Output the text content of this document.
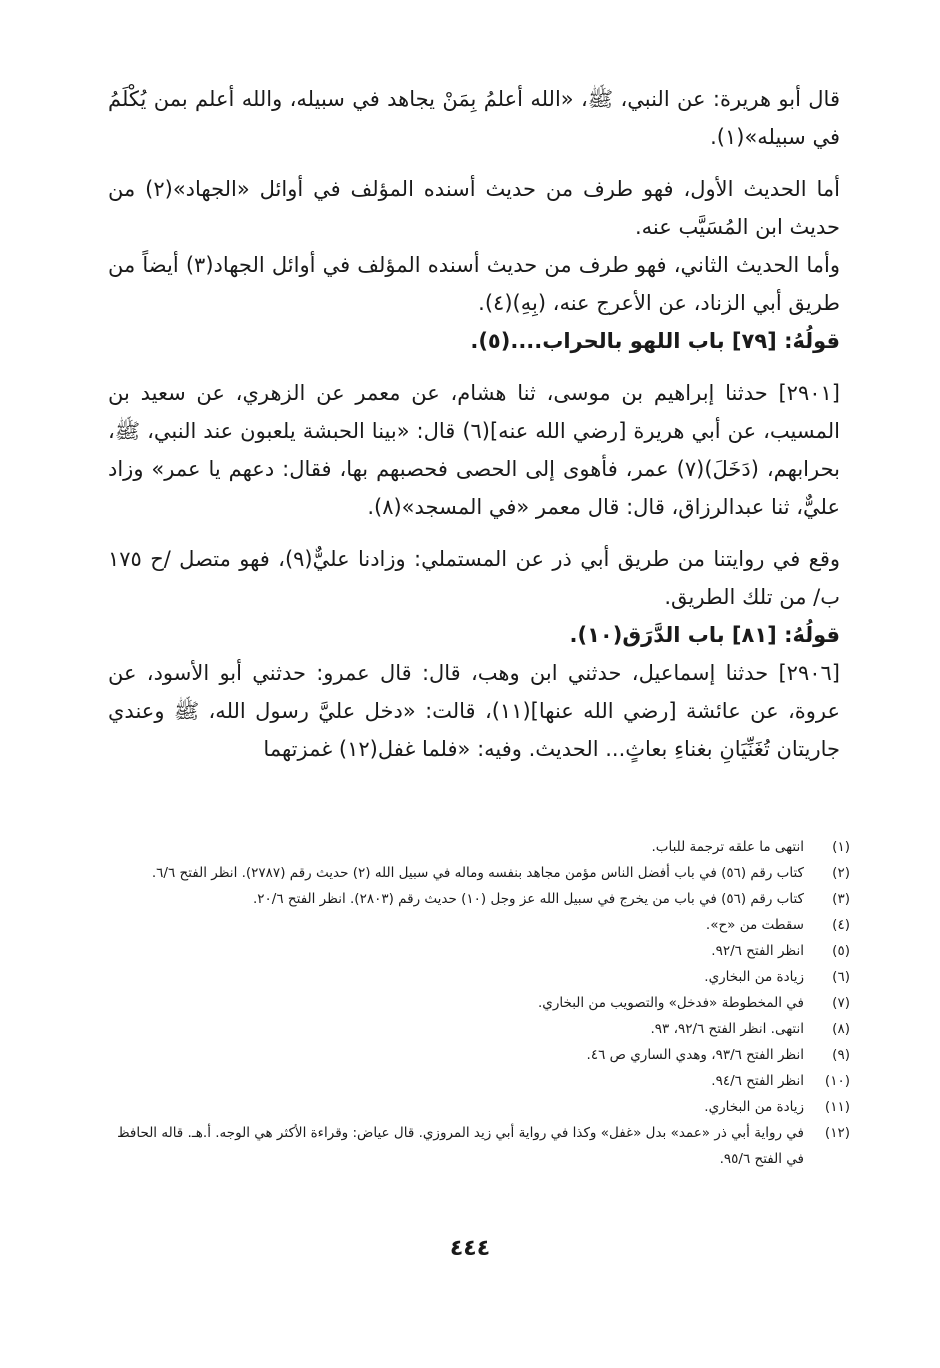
قال أبو هريرة: عن النبي، ﷺ، «الله أعلمُ بِمَنْ يجاهد في سبيله، والله أعلم بمن يُكْلَمُ في سبيله»(١).

أما الحديث الأول، فهو طرف من حديث أسنده المؤلف في أوائل «الجهاد»(٢) من حديث ابن المُسَيَّب عنه.

وأما الحديث الثاني، فهو طرف من حديث أسنده المؤلف في أوائل الجهاد(٣) أيضاً من طريق أبي الزناد، عن الأعرج عنه، (بِهِ)(٤).

قولُهُ: [٧٩] باب اللهو بالحراب....(٥).

[٢٩٠١] حدثنا إبراهيم بن موسى، ثنا هشام، عن معمر عن الزهري، عن سعيد بن المسيب، عن أبي هريرة [رضي الله عنه](٦) قال: «بينا الحبشة يلعبون عند النبي، ﷺ، بحرابهم، (دَخَلَ)(٧) عمر، فأهوى إلى الحصى فحصبهم بها، فقال: دعهم يا عمر» وزاد عليٌّ، ثنا عبدالرزاق، قال: قال معمر «في المسجد»(٨).

وقع في روايتنا من طريق أبي ذر عن المستملي: وزادنا عليٌّ(٩)، فهو متصل /ح ١٧٥ ب/ من تلك الطريق.

قولُهُ: [٨١] باب الدَّرَق(١٠).

[٢٩٠٦] حدثنا إسماعيل، حدثني ابن وهب، قال: قال عمرو: حدثني أبو الأسود، عن عروة، عن عائشة [رضي الله عنها](١١)، قالت: «دخل عليَّ رسول الله، ﷺ وعندي جاريتان تُغَنِّيَانِ بغناءِ بعاثٍ... الحديث. وفيه: «فلما غفل(١٢) غمزتهما

(١)
انتهى ما علقه ترجمة للباب.
(٢)
كتاب رقم (٥٦) في باب أفضل الناس مؤمن مجاهد بنفسه وماله في سبيل الله (٢) حديث رقم (٢٧٨٧). انظر الفتح ٦/٦.
(٣)
كتاب رقم (٥٦) في باب من يخرج في سبيل الله عز وجل (١٠) حديث رقم (٢٨٠٣). انظر الفتح ٢٠/٦.
(٤)
سقطت من «ح».
(٥)
انظر الفتح ٩٢/٦.
(٦)
زيادة من البخاري.
(٧)
في المخطوطة «فدخل» والتصويب من البخاري.
(٨)
انتهى. انظر الفتح ٩٢/٦، ٩٣.
(٩)
انظر الفتح ٩٣/٦، وهدي الساري ص ٤٦.
(١٠)
انظر الفتح ٩٤/٦.
(١١)
زيادة من البخاري.
(١٢)
في رواية أبي ذر «عمد» بدل «غفل» وكذا في رواية أبي زيد المروزي. قال عياض: وقراءة الأكثر هي الوجه. أ.هـ. قاله الحافظ في الفتح ٩٥/٦.
٤٤٤
